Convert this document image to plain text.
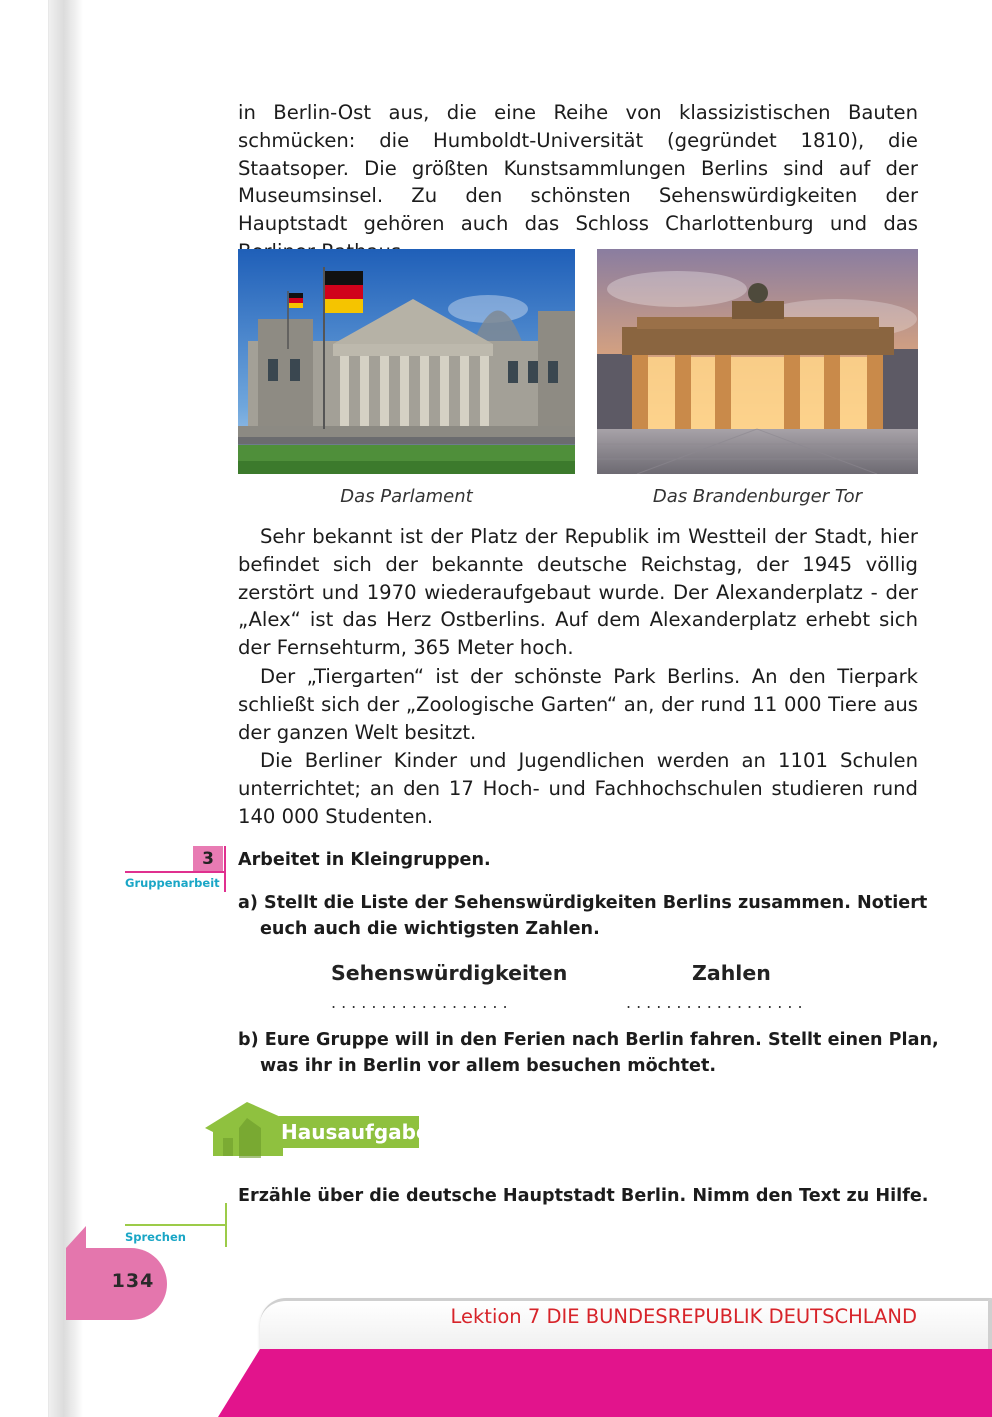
in Berlin-Ost aus, die eine Reihe von klassizistischen Bauten schmücken: die Humboldt-Universität (gegründet 1810), die Staatsoper. Die größten Kunstsammlungen Berlins sind auf der Museumsinsel. Zu den schönsten Sehenswürdigkeiten der Hauptstadt gehören auch das Schloss Charlottenburg und das

Das Parlament	Das Brandenburger Tor

Sehr bekannt ist der Platz der Republik im Westteil der Stadt, hier befindet sich der bekannte deutsche Reichstag, der 1945 völlig zerstört und 1970 wiederaufgebaut wurde. Der Alexanderplatz - der „Alex“ ist das Herz Ostberlins. Auf dem Alexanderplatz erhebt sich der Fernsehturm, 365 Meter hoch.

Der „Tiergarten“ ist der schönste Park Berlins. An den Tierpark schließt sich der „Zoologische Garten“ an, der rund 11 000 Tiere aus der ganzen Welt besitzt.

Die Berliner Kinder und Jugendlichen werden an 1101 Schulen unterrichtet; an den 17 Hoch- und Fachhochschulen studieren rund 140 000 Studenten.

3
Gruppenarbeit

Arbeitet in Kleingruppen.

a) Stellt die Liste der Sehenswürdigkeiten Berlins zusammen. Notiert euch auch die wichtigsten Zahlen.

Sehenswürdigkeiten	Zahlen
..................	..................

b) Eure Gruppe will in den Ferien nach Berlin fahren. Stellt einen Plan, was ihr in Berlin vor allem besuchen möchtet.

Hausaufgabe

Erzähle über die deutsche Hauptstadt Berlin. Nimm den Text zu Hilfe.

Sprechen
134
Lektion 7 DIE BUNDESREPUBLIK DEUTSCHLAND
